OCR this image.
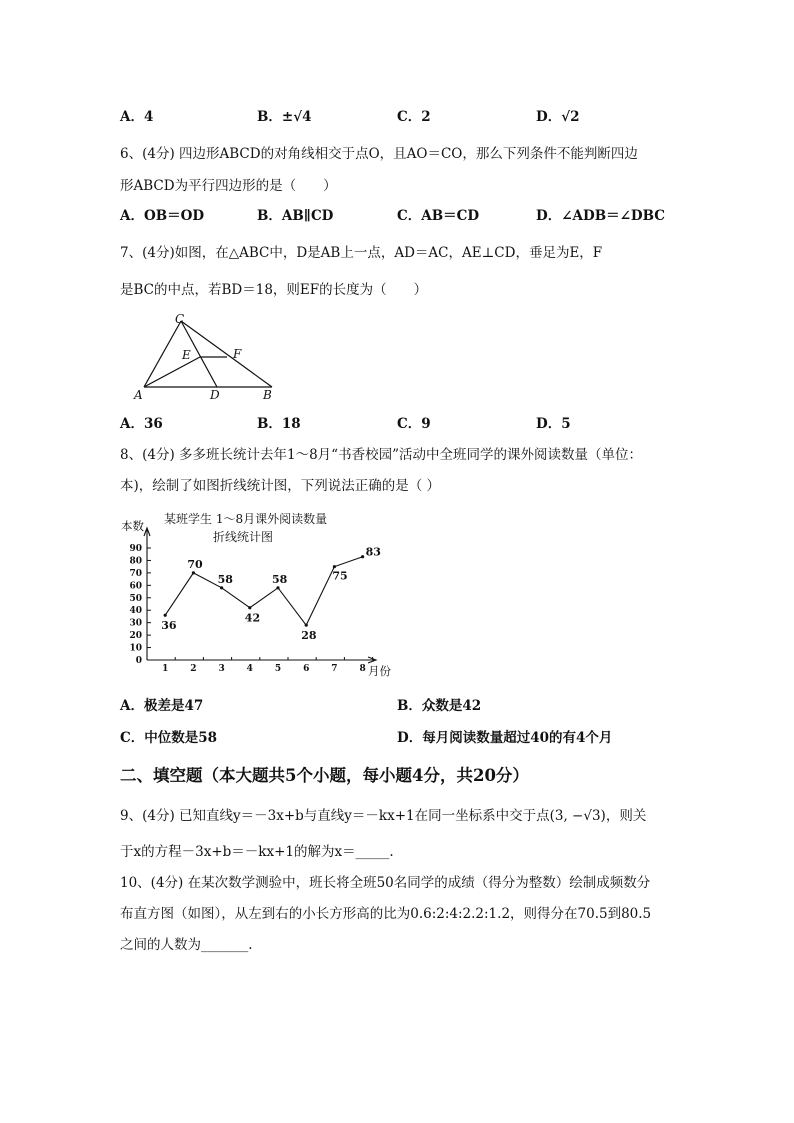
A．4	B．±√4	C．2	D．√2
6、(4分) 四边形ABCD的对角线相交于点O，且AO＝CO，那么下列条件不能判断四边
形ABCD为平行四边形的是（　　）
A．OB＝OD	B．AB∥CD	C．AB＝CD	D．∠ADB＝∠DBC
7、(4分)如图，在△ABC中，D是AB上一点，AD＝AC，AE⊥CD，垂足为E，F
是BC的中点，若BD＝18，则EF的长度为（　　）
C
E	F
A	D	B
A．36	B．18	C．9	D．5
8、(4分) 多多班长统计去年1～8月“书香校园”活动中全班同学的课外阅读数量（单位：
本)，绘制了如图折线统计图，下列说法正确的是（ ）
某班学生 1～8月课外阅读数量
折线统计图
本数
月份
0
10
20
30
40
50
60
70
80
90
1 2 3 4 5 6 7 8
36
70
58
42
58
28
75
83
A．极差是47	B．众数是42
C．中位数是58	D．每月阅读数量超过40的有4个月
二、填空题（本大题共5个小题，每小题4分，共20分）
9、(4分) 已知直线y＝－3x+b与直线y＝－kx+1在同一坐标系中交于点(3, −√3)，则关
于x的方程－3x+b＝－kx+1的解为x＝_____.
10、(4分) 在某次数学测验中，班长将全班50名同学的成绩（得分为整数）绘制成频数分
布直方图（如图），从左到右的小长方形高的比为0.6:2:4:2.2:1.2，则得分在70.5到80.5
之间的人数为_______.
